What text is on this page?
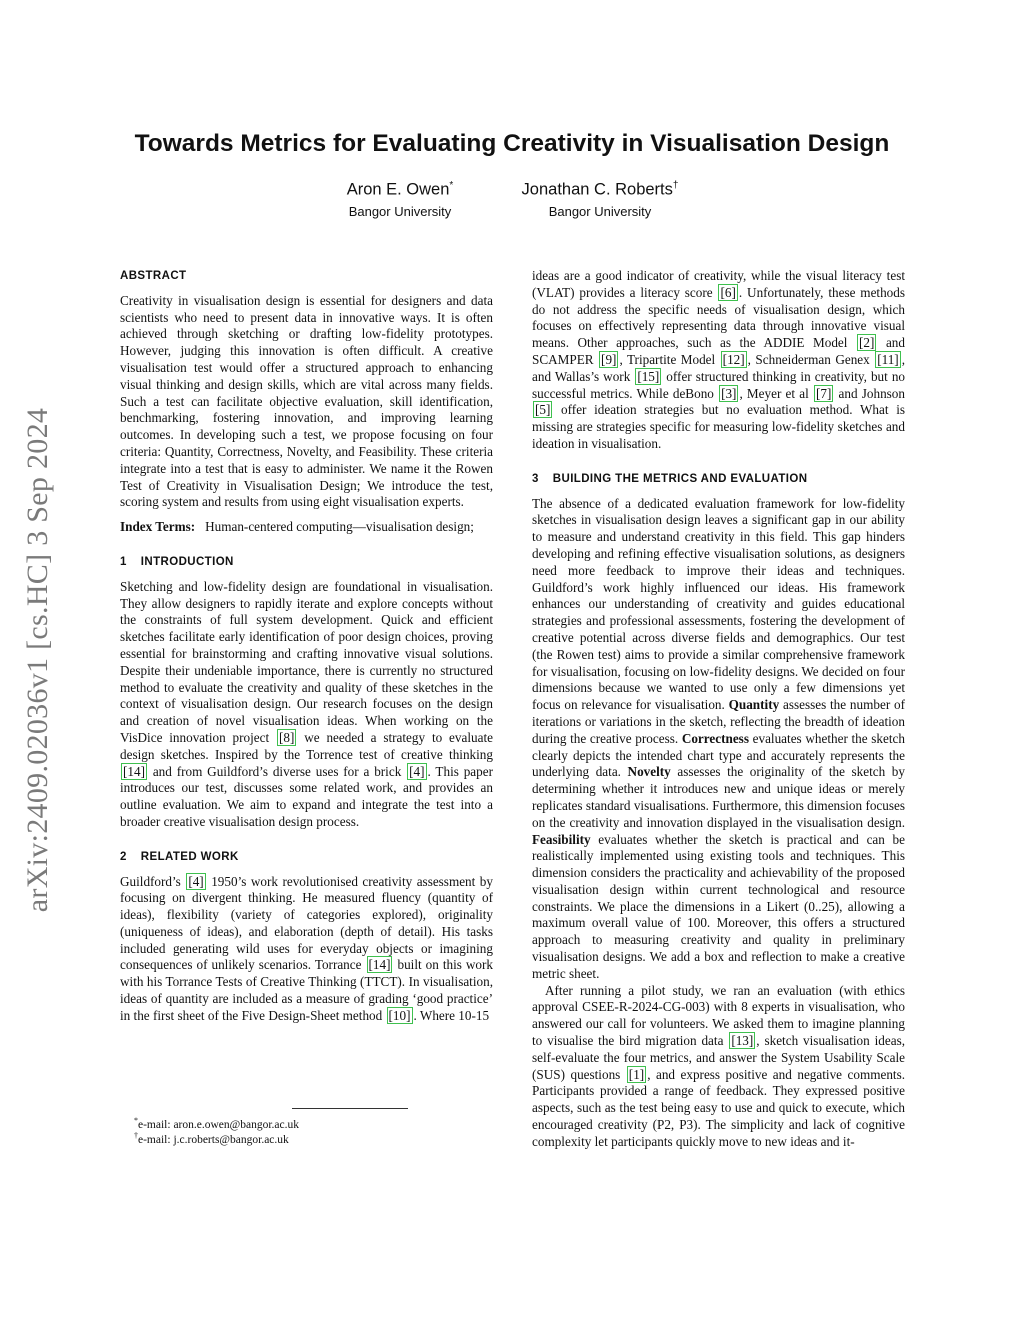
arXiv:2409.02036v1 [cs.HC] 3 Sep 2024
Towards Metrics for Evaluating Creativity in Visualisation Design
Aron E. Owen*
Bangor University
Jonathan C. Roberts†
Bangor University
ABSTRACT

Creativity in visualisation design is essential for designers and data scientists who need to present data in innovative ways. It is often achieved through sketching or drafting low-fidelity prototypes. However, judging this innovation is often difficult. A creative visualisation test would offer a structured approach to enhancing visual thinking and design skills, which are vital across many fields. Such a test can facilitate objective evaluation, skill identification, benchmarking, fostering innovation, and improving learning outcomes. In developing such a test, we propose focusing on four criteria: Quantity, Correctness, Novelty, and Feasibility. These criteria integrate into a test that is easy to administer. We name it the Rowen Test of Creativity in Visualisation Design; We introduce the test, scoring system and results from using eight visualisation experts.

Index Terms: Human-centered computing—visualisation design;

1 INTRODUCTION

Sketching and low-fidelity design are foundational in visualisation. They allow designers to rapidly iterate and explore concepts without the constraints of full system development. Quick and efficient sketches facilitate early identification of poor design choices, proving essential for brainstorming and crafting innovative visual solutions. Despite their undeniable importance, there is currently no structured method to evaluate the creativity and quality of these sketches in the context of visualisation design. Our research focuses on the design and creation of novel visualisation ideas. When working on the VisDice innovation project [8] we needed a strategy to evaluate design sketches. Inspired by the Torrence test of creative thinking [14] and from Guildford’s diverse uses for a brick [4] . This paper introduces our test, discusses some related work, and provides an outline evaluation. We aim to expand and integrate the test into a broader creative visualisation design process.

2 RELATED WORK

Guildford’s [4] 1950’s work revolutionised creativity assessment by focusing on divergent thinking. He measured fluency (quantity of ideas), flexibility (variety of categories explored), originality (uniqueness of ideas), and elaboration (depth of detail). His tasks included generating wild uses for everyday objects or imagining consequences of unlikely scenarios. Torrance [14] built on this work with his Torrance Tests of Creative Thinking (TTCT). In visualisation, ideas of quantity are included as a measure of grading ‘good practice’ in the first sheet of the Five Design-Sheet method [10] . Where 10-15

*e-mail: aron.e.owen@bangor.ac.uk
†e-mail: j.c.roberts@bangor.ac.uk

ideas are a good indicator of creativity, while the visual literacy test (VLAT) provides a literacy score [6] . Unfortunately, these methods do not address the specific needs of visualisation design, which focuses on effectively representing data through innovative visual means. Other approaches, such as the ADDIE Model [2] and SCAMPER [9] , Tripartite Model [12] , Schneiderman Genex [11] , and Wallas’s work [15] offer structured thinking in creativity, but no successful metrics. While deBono [3] , Meyer et al [7] and Johnson [5] offer ideation strategies but no evaluation method. What is missing are strategies specific for measuring low-fidelity sketches and ideation in visualisation.

3 BUILDING THE METRICS AND EVALUATION

The absence of a dedicated evaluation framework for low-fidelity sketches in visualisation design leaves a significant gap in our ability to measure and understand creativity in this field. This gap hinders developing and refining effective visualisation solutions, as designers need more feedback to improve their ideas and techniques. Guildford’s work highly influenced our ideas. His framework enhances our understanding of creativity and guides educational strategies and professional assessments, fostering the development of creative potential across diverse fields and demographics. Our test (the Rowen test) aims to provide a similar comprehensive framework for visualisation, focusing on low-fidelity designs. We decided on four dimensions because we wanted to use only a few dimensions yet focus on relevance for visualisation. Quantity assesses the number of iterations or variations in the sketch, reflecting the breadth of ideation during the creative process. Correctness evaluates whether the sketch clearly depicts the intended chart type and accurately represents the underlying data. Novelty assesses the originality of the sketch by determining whether it introduces new and unique ideas or merely replicates standard visualisations. Furthermore, this dimension focuses on the creativity and innovation displayed in the visualisation design. Feasibility evaluates whether the sketch is practical and can be realistically implemented using existing tools and techniques. This dimension considers the practicality and achievability of the proposed visualisation design within current technological and resource constraints. We place the dimensions in a Likert (0..25), allowing a maximum overall value of 100. Moreover, this offers a structured approach to measuring creativity and quality in preliminary visualisation designs. We add a box and reflection to make a creative metric sheet.

After running a pilot study, we ran an evaluation (with ethics approval CSEE-R-2024-CG-003) with 8 experts in visualisation, who answered our call for volunteers. We asked them to imagine planning to visualise the bird migration data [13] , sketch visualisation ideas, self-evaluate the four metrics, and answer the System Usability Scale (SUS) questions [1] , and express positive and negative comments. Participants provided a range of feedback. They expressed positive aspects, such as the test being easy to use and quick to execute, which encouraged creativity (P2, P3). The simplicity and lack of cognitive complexity let participants quickly move to new ideas and it-
